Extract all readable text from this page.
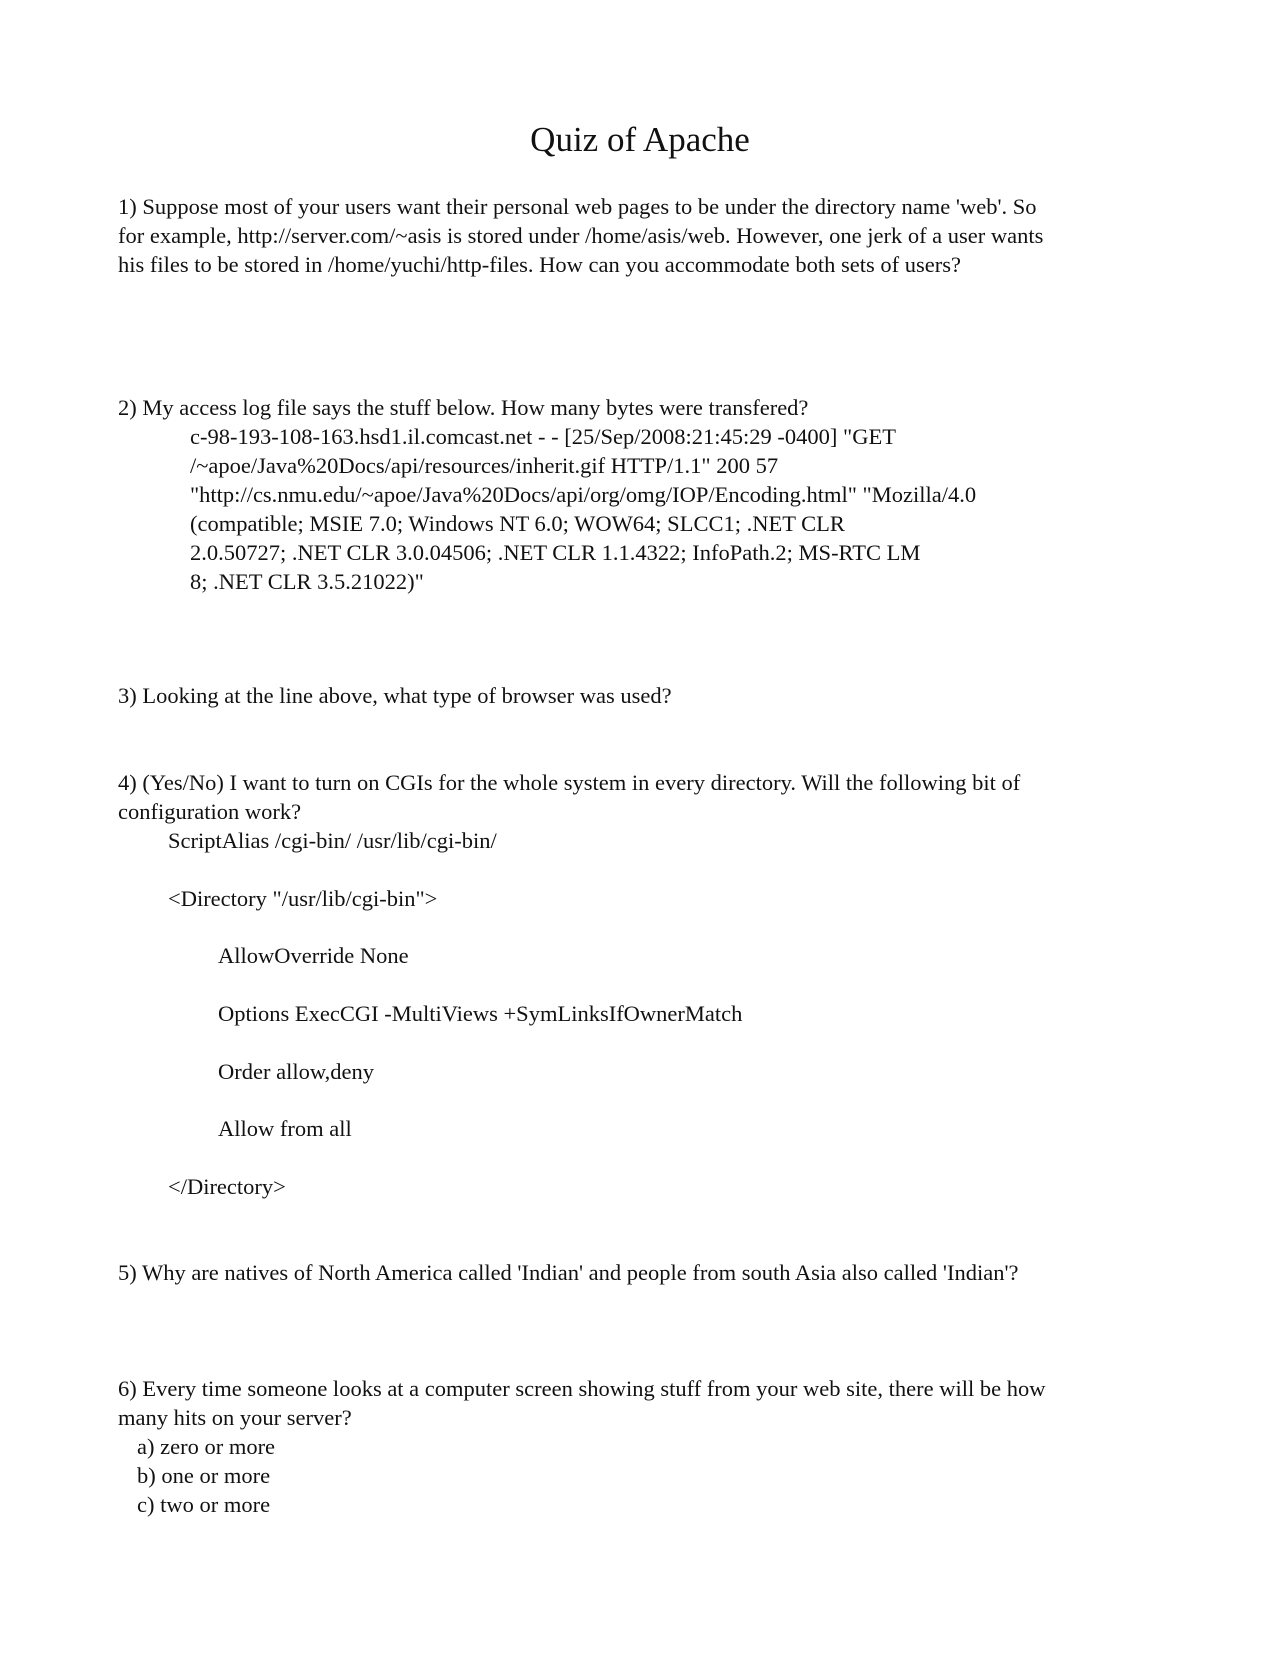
Quiz of Apache
1) Suppose most of your users want their personal web pages to be under the directory name 'web'. So
for example, http://server.com/~asis is stored under /home/asis/web. However, one jerk of a user wants
his files to be stored in /home/yuchi/http-files. How can you accommodate both sets of users?
2) My access log file says the stuff below. How many bytes were transfered?
c-98-193-108-163.hsd1.il.comcast.net - - [25/Sep/2008:21:45:29 -0400] "GET
/~apoe/Java%20Docs/api/resources/inherit.gif HTTP/1.1" 200 57
"http://cs.nmu.edu/~apoe/Java%20Docs/api/org/omg/IOP/Encoding.html" "Mozilla/4.0
(compatible; MSIE 7.0; Windows NT 6.0; WOW64; SLCC1; .NET CLR
2.0.50727; .NET CLR 3.0.04506; .NET CLR 1.1.4322; InfoPath.2; MS-RTC LM
8; .NET CLR 3.5.21022)"
3) Looking at the line above, what type of browser was used?
4) (Yes/No) I want to turn on CGIs for the whole system in every directory. Will the following bit of
configuration work?
ScriptAlias /cgi-bin/ /usr/lib/cgi-bin/
<Directory "/usr/lib/cgi-bin">
AllowOverride None
Options ExecCGI -MultiViews +SymLinksIfOwnerMatch
Order allow,deny
Allow from all
</Directory>
5) Why are natives of North America called 'Indian' and people from south Asia also called 'Indian'?
6) Every time someone looks at a computer screen showing stuff from your web site, there will be how
many hits on your server?
a) zero or more
b) one or more
c) two or more
